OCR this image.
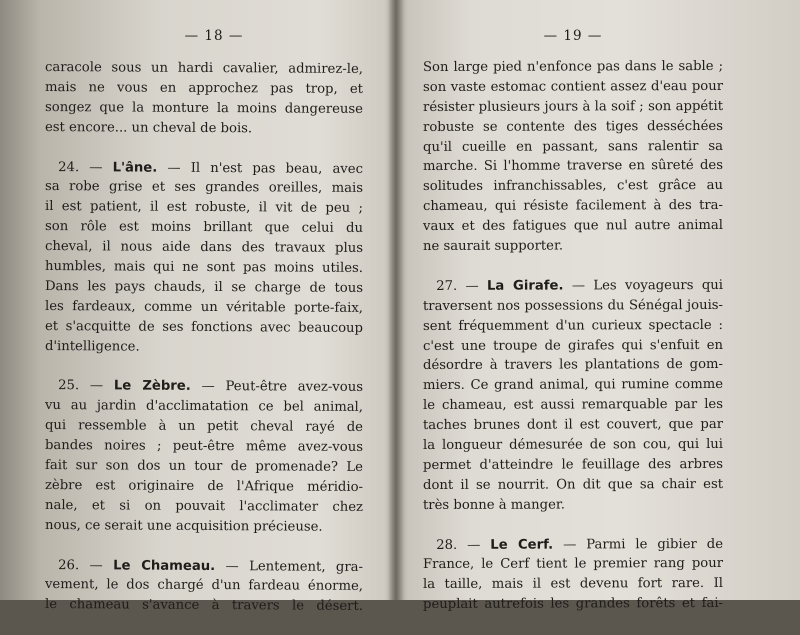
— 18 —
caracole sous un hardi cavalier, admirez-le,
mais ne vous en approchez pas trop, et
songez que la monture la moins dangereuse
est encore... un cheval de bois.
 24. — L'âne. — Il n'est pas beau, avec
sa robe grise et ses grandes oreilles, mais
il est patient, il est robuste, il vit de peu ;
son rôle est moins brillant que celui du
cheval, il nous aide dans des travaux plus
humbles, mais qui ne sont pas moins utiles.
Dans les pays chauds, il se charge de tous
les fardeaux, comme un véritable porte-faix,
et s'acquitte de ses fonctions avec beaucoup
d'intelligence.
 25. — Le Zèbre. — Peut-être avez-vous
vu au jardin d'acclimatation ce bel animal,
qui ressemble à un petit cheval rayé de
bandes noires ; peut-être même avez-vous
fait sur son dos un tour de promenade? Le
zèbre est originaire de l'Afrique méridio-
nale, et si on pouvait l'acclimater chez
nous, ce serait une acquisition précieuse.
 26. — Le Chameau. — Lentement, gra-
vement, le dos chargé d'un fardeau énorme,
le chameau s'avance à travers le désert.
— 19 —
Son large pied n'enfonce pas dans le sable ;
son vaste estomac contient assez d'eau pour
résister plusieurs jours à la soif ; son appétit
robuste se contente des tiges desséchées
qu'il cueille en passant, sans ralentir sa
marche. Si l'homme traverse en sûreté des
solitudes infranchissables, c'est grâce au
chameau, qui résiste facilement à des tra-
vaux et des fatigues que nul autre animal
ne saurait supporter.
 27. — La Girafe. — Les voyageurs qui
traversent nos possessions du Sénégal jouis-
sent fréquemment d'un curieux spectacle :
c'est une troupe de girafes qui s'enfuit en
désordre à travers les plantations de gom-
miers. Ce grand animal, qui rumine comme
le chameau, est aussi remarquable par les
taches brunes dont il est couvert, que par
la longueur démesurée de son cou, qui lui
permet d'atteindre le feuillage des arbres
dont il se nourrit. On dit que sa chair est
très bonne à manger.
 28. — Le Cerf. — Parmi le gibier de
France, le Cerf tient le premier rang pour
la taille, mais il est devenu fort rare. Il
peuplait autrefois les grandes forêts et fai-
